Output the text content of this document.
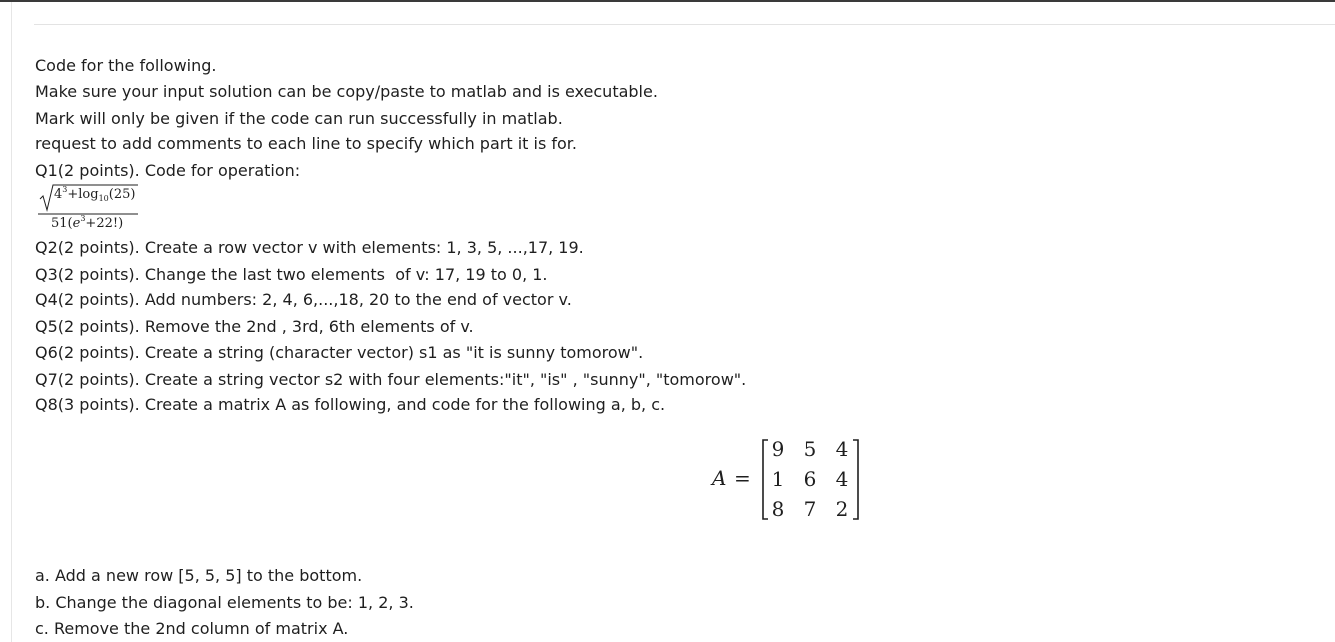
Code for the following.
Make sure your input solution can be copy/paste to matlab and is executable.
Mark will only be given if the code can run successfully in matlab.
request to add comments to each line to specify which part it is for.
Q1(2 points). Code for operation:
$4^3+\log_{10}(25)$
$51(e^3+22!)$
Q2(2 points). Create a row vector v with elements: 1, 3, 5, ...,17, 19.
Q3(2 points). Change the last two elements  of v: 17, 19 to 0, 1.
Q4(2 points). Add numbers: 2, 4, 6,...,18, 20 to the end of vector v.
Q5(2 points). Remove the 2nd , 3rd, 6th elements of v.
Q6(2 points). Create a string (character vector) s1 as "it is sunny tomorow".
Q7(2 points). Create a string vector s2 with four elements:"it", "is" , "sunny", "tomorow".
Q8(3 points). Create a matrix A as following, and code for the following a, b, c.
A =
9 5 4
1 6 4
8 7 2
a. Add a new row [5, 5, 5] to the bottom.
b. Change the diagonal elements to be: 1, 2, 3.
c. Remove the 2nd column of matrix A.
